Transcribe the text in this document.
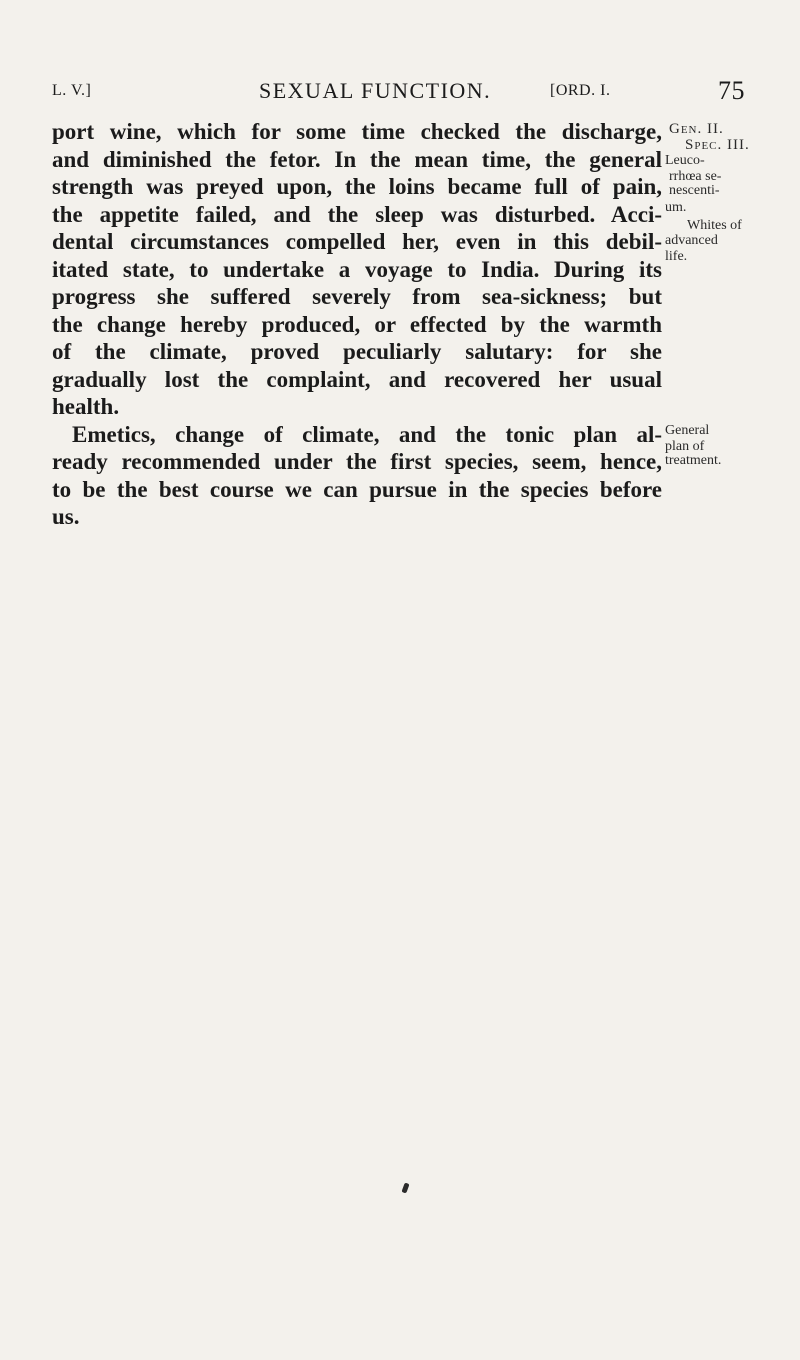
L. V.]	SEXUAL FUNCTION.	[ORD. I.	75
port wine, which for some time checked the discharge,
and diminished the fetor. In the mean time, the general
strength was preyed upon, the loins became full of pain,
the appetite failed, and the sleep was disturbed. Acci-
dental circumstances compelled her, even in this debil-
itated state, to undertake a voyage to India. During its
progress she suffered severely from sea-sickness; but
the change hereby produced, or effected by the warmth
of the climate, proved peculiarly salutary: for she
gradually lost the complaint, and recovered her usual
health.
Emetics, change of climate, and the tonic plan al-
ready recommended under the first species, seem, hence,
to be the best course we can pursue in the species before
us.
Gen. II.
Spec. III.
Leuco-
rrhœa se-
nescenti-
um.
Whites of
advanced
life.
General
plan of
treatment.
